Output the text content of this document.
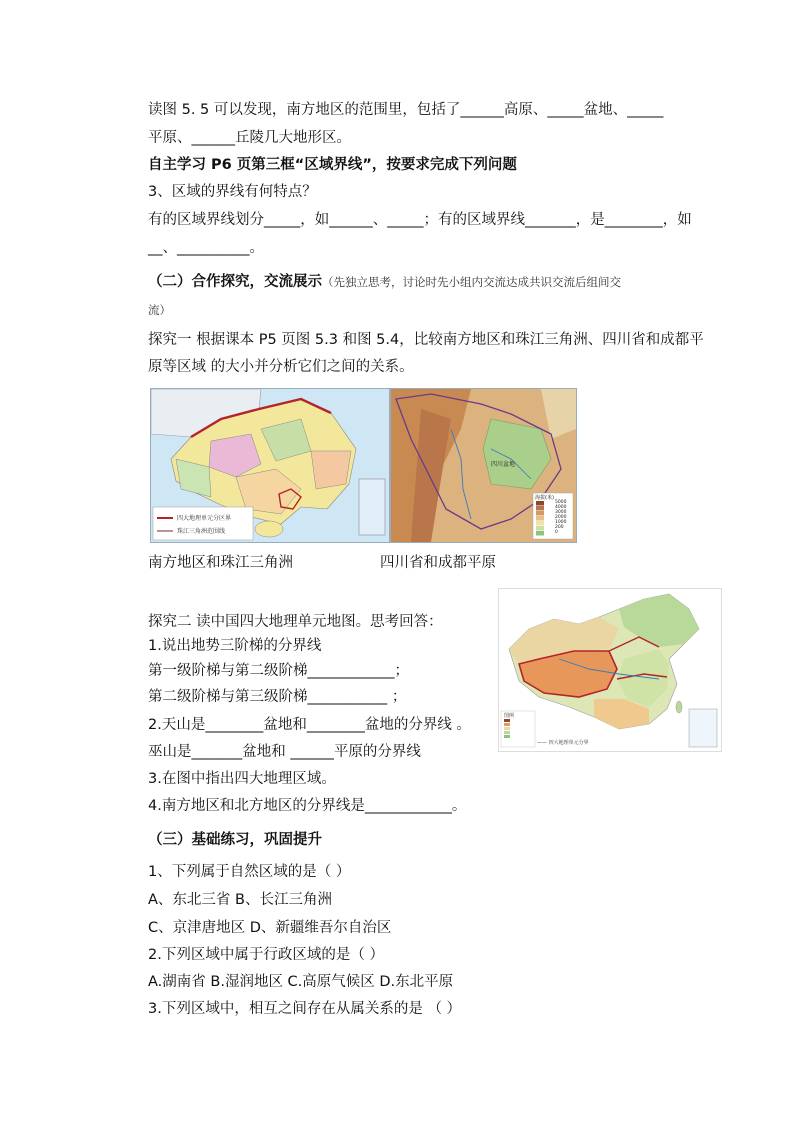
读图 5. 5 可以发现，南方地区的范围里，包括了______高原、_____盆地、_____
平原、______丘陵几大地形区。
自主学习 P6 页第三框“区域界线”，按要求完成下列问题
3、区域的界线有何特点？
有的区域界线划分_____，如______、_____；有的区域界线_______，是________，如
__、__________。
（二）合作探究，交流展示（先独立思考，讨论时先小组内交流达成共识交流后组间交
流）
探究一 根据课本 P5 页图 5.3 和图 5.4，比较南方地区和珠江三角洲、四川省和成都平
原等区域 的大小并分析它们之间的关系。
四大地理单元分区界
珠江三角洲范围线
四川盆地
海拔(米)
5000
4000
3000
2000
1000
200
0
南方地区和珠江三角洲	四川省和成都平原
图例
—— 四大地理单元分界
探究二 读中国四大地理单元地图。思考回答：
1.说出地势三阶梯的分界线
第一级阶梯与第二级阶梯____________；
第二级阶梯与第三级阶梯___________ ；
2.天山是________盆地和________盆地的分界线 。
巫山是_______盆地和 ______平原的分界线
3.在图中指出四大地理区域。
4.南方地区和北方地区的分界线是____________。
（三）基础练习，巩固提升
1、下列属于自然区域的是（ ）
A、东北三省 B、长江三角洲
C、京津唐地区 D、新疆维吾尔自治区
2.下列区域中属于行政区域的是（ ）
A.湖南省 B.湿润地区 C.高原气候区 D.东北平原
3.下列区域中，相互之间存在从属关系的是 （ ）
